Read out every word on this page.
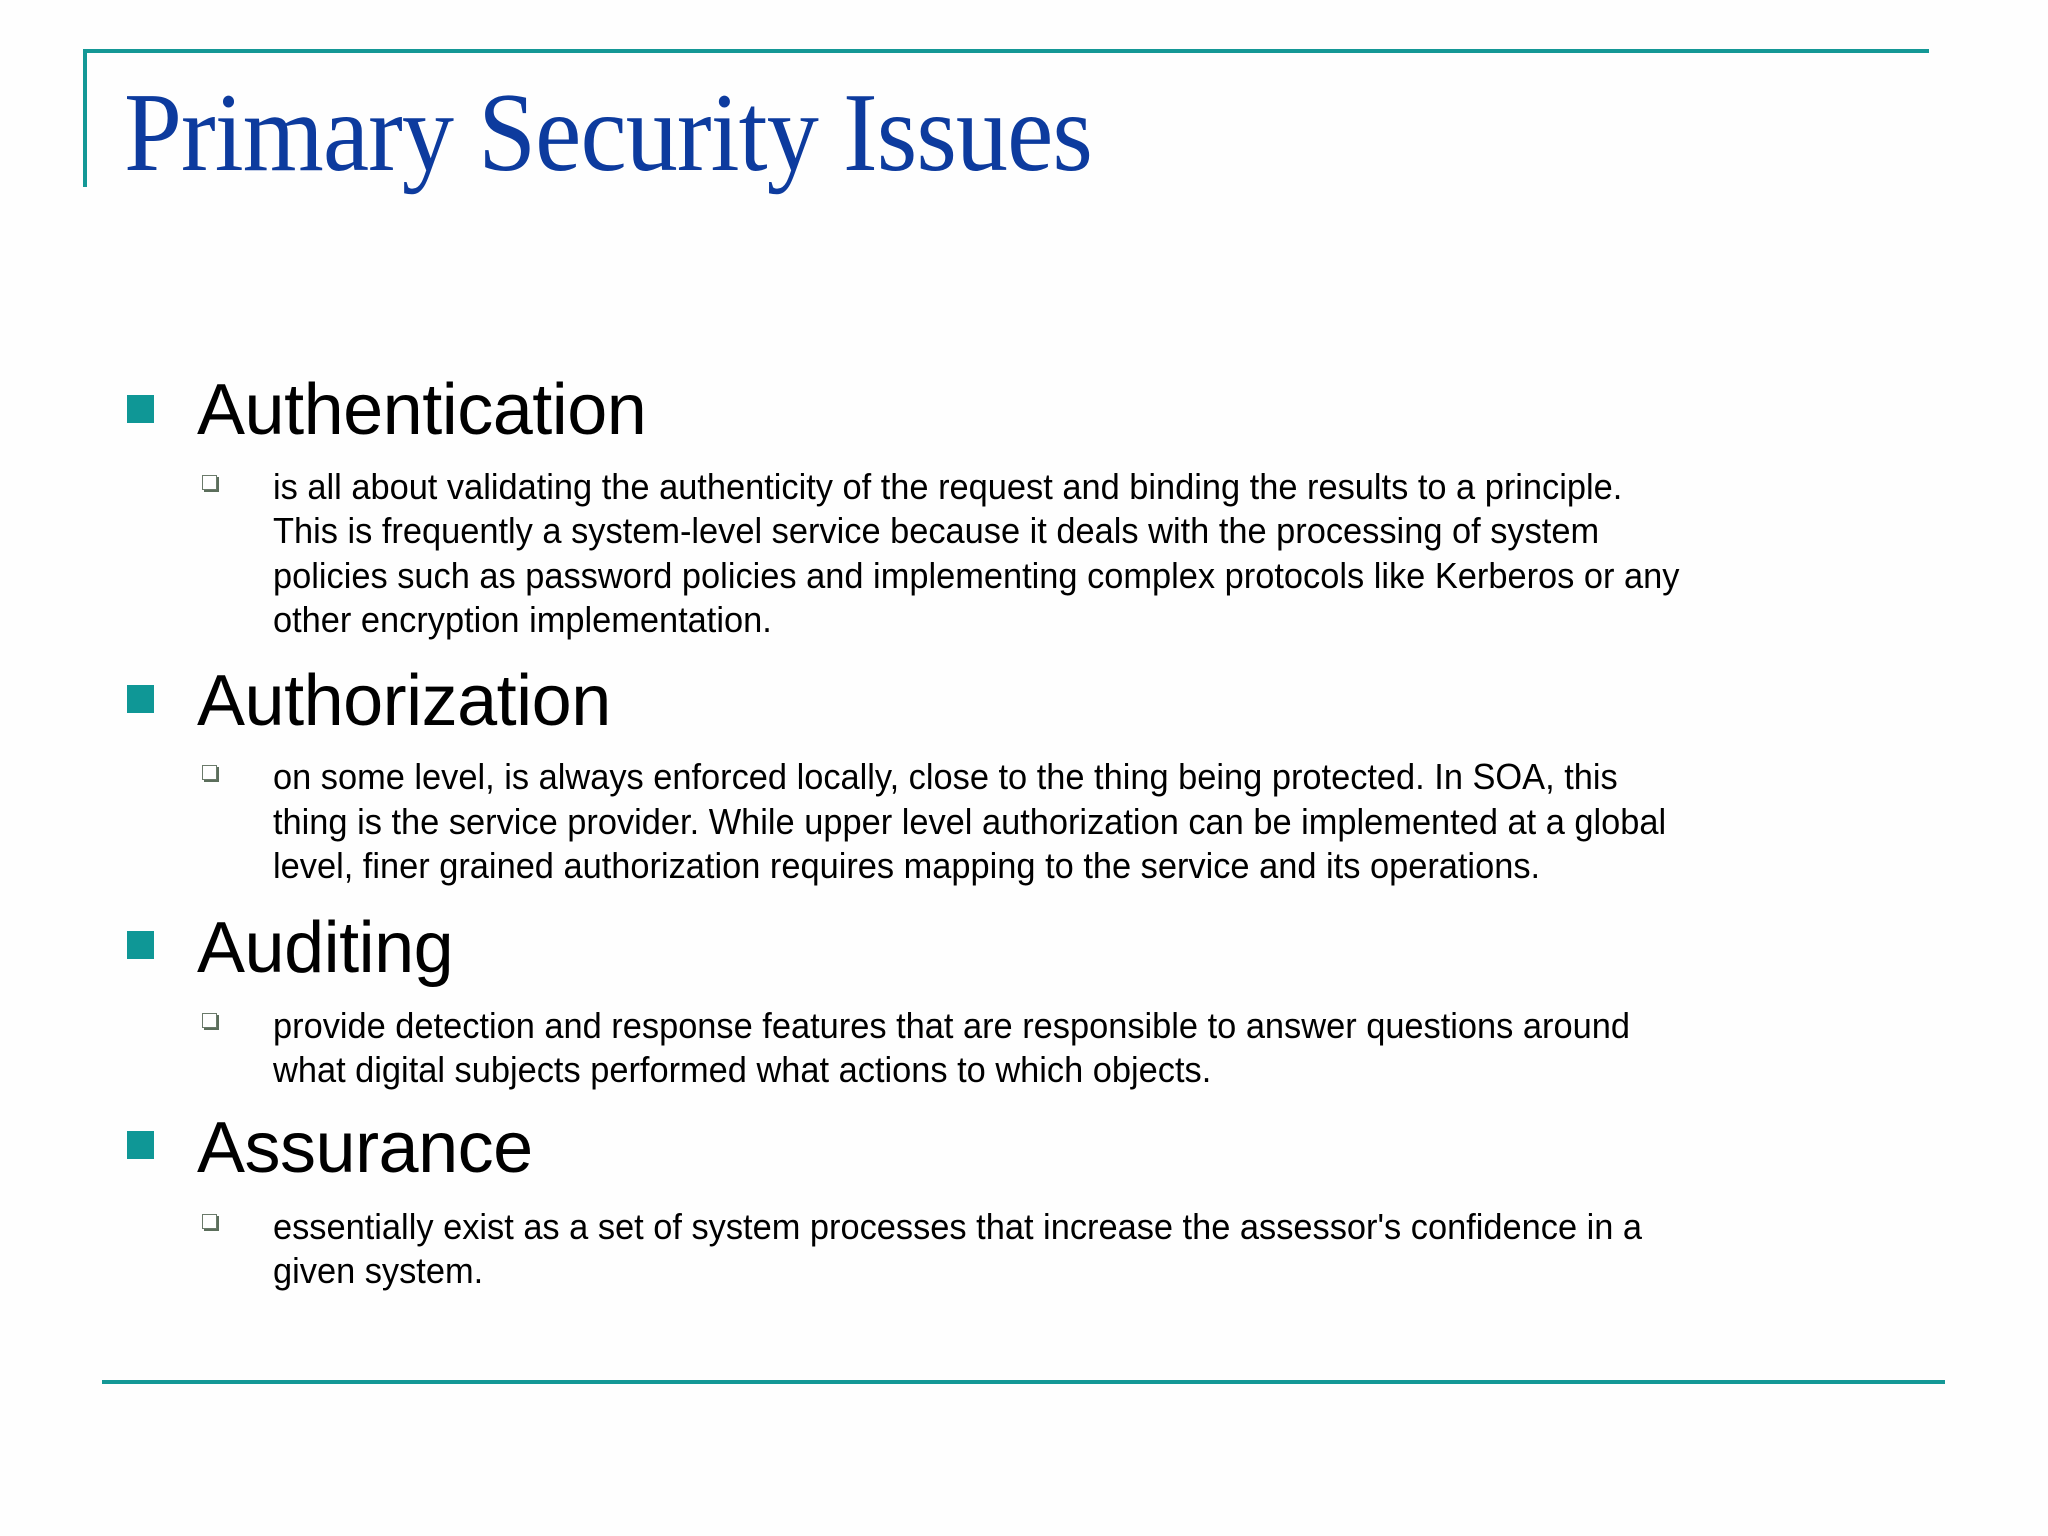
Primary Security Issues
Authentication
is all about validating the authenticity of the request and binding the results to a principle.
This is frequently a system-level service because it deals with the processing of system
policies such as password policies and implementing complex protocols like Kerberos or any
other encryption implementation.
Authorization
on some level, is always enforced locally, close to the thing being protected. In SOA, this
thing is the service provider. While upper level authorization can be implemented at a global
level, finer grained authorization requires mapping to the service and its operations.
Auditing
provide detection and response features that are responsible to answer questions around
what digital subjects performed what actions to which objects.
Assurance
essentially exist as a set of system processes that increase the assessor's confidence in a
given system.
